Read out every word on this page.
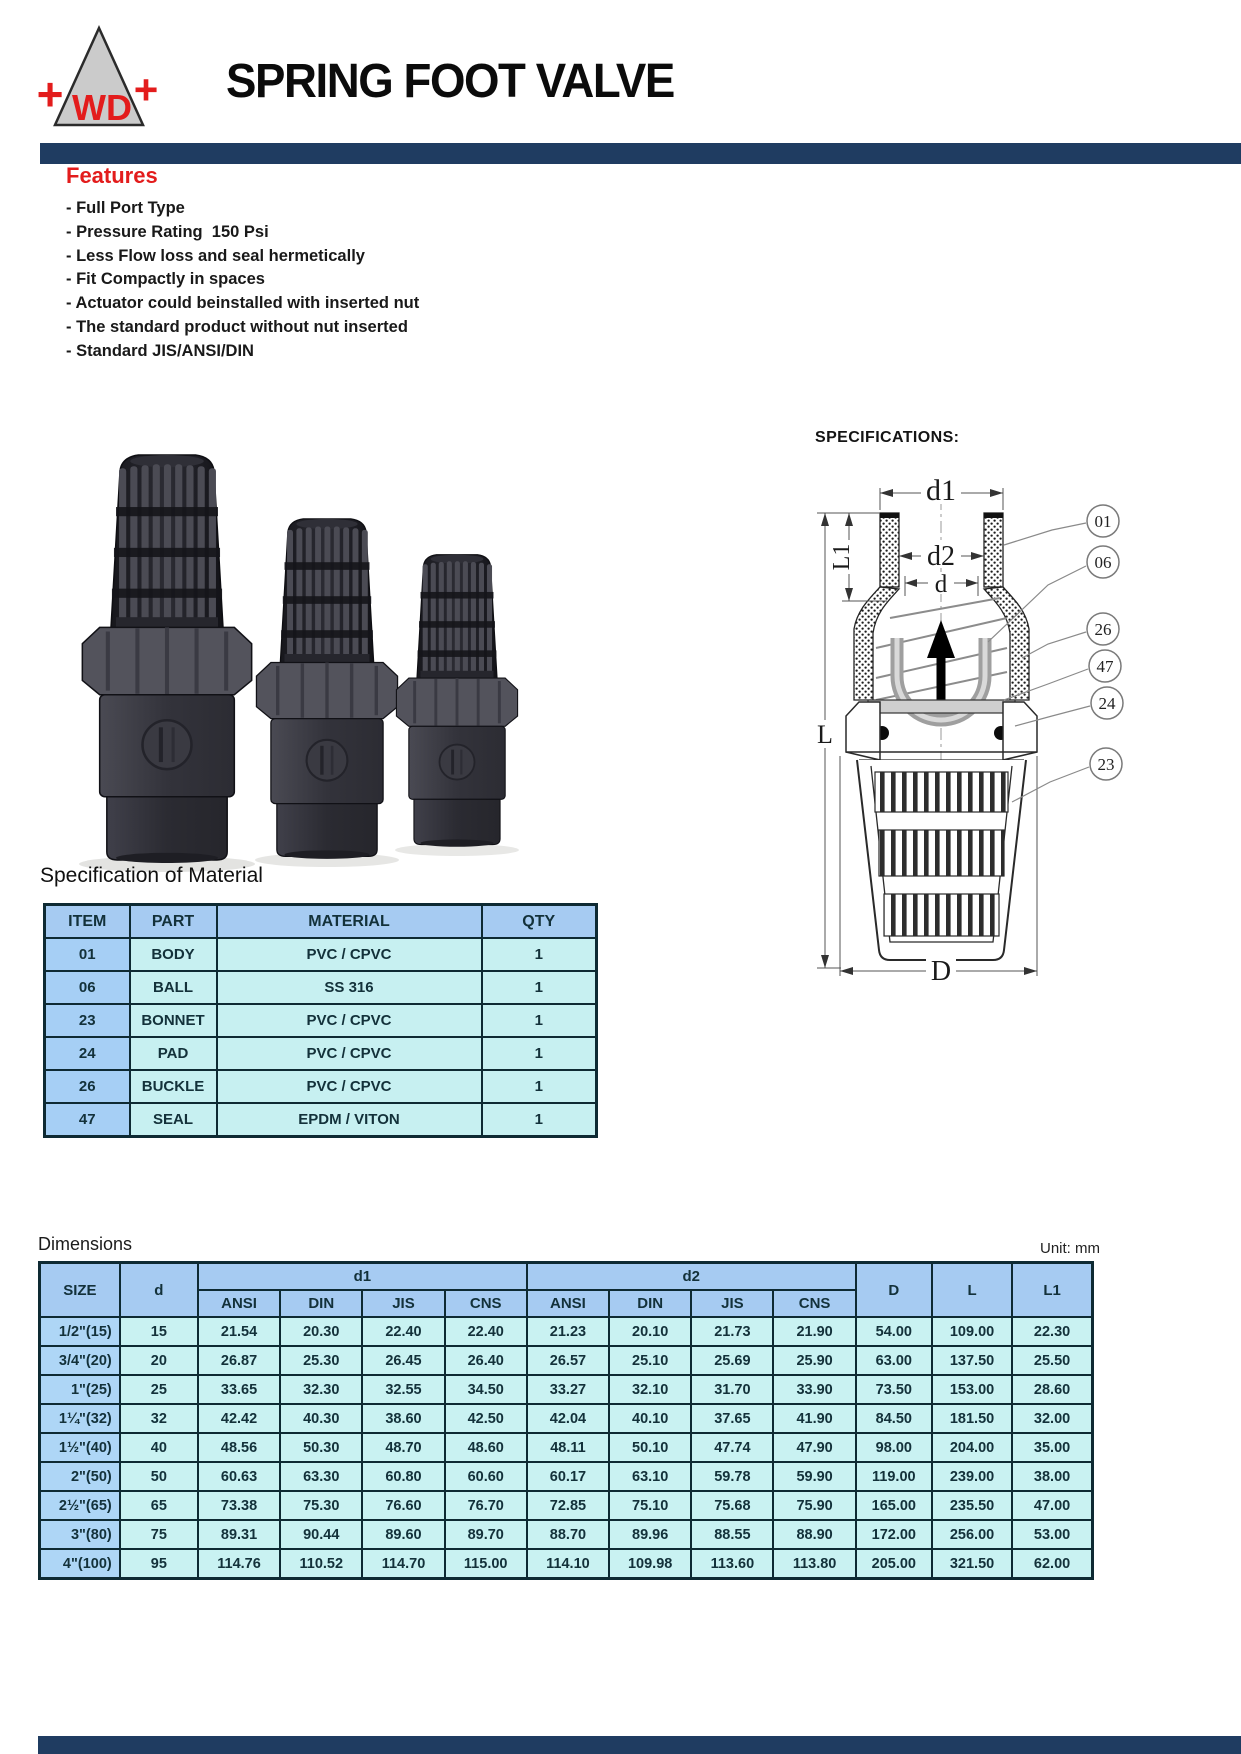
+ WD + SPRING FOOT VALVE
Features
- Full Port Type
- Pressure Rating  150 Psi
- Less Flow loss and seal hermetically
- Fit Compactly in spaces
- Actuator could beinstalled with inserted nut
- The standard product without nut inserted
- Standard JIS/ANSI/DIN
SPECIFICATIONS:
d1
d2
d
L1
L
D
01
06
26
47
24
23
Specification of Material
ITEM	PART	MATERIAL	QTY
01	BODY	PVC / CPVC	1
06	BALL	SS 316	1
23	BONNET	PVC / CPVC	1
24	PAD	PVC / CPVC	1
26	BUCKLE	PVC / CPVC	1
47	SEAL	EPDM / VITON	1
Dimensions	Unit: mm
SIZE	d	d1				d2				D	L	L1
		ANSI	DIN	JIS	CNS	ANSI	DIN	JIS	CNS			
1/2"(15)	15	21.54	20.30	22.40	22.40	21.23	20.10	21.73	21.90	54.00	109.00	22.30
3/4"(20)	20	26.87	25.30	26.45	26.40	26.57	25.10	25.69	25.90	63.00	137.50	25.50
1"(25)	25	33.65	32.30	32.55	34.50	33.27	32.10	31.70	33.90	73.50	153.00	28.60
1¼"(32)	32	42.42	40.30	38.60	42.50	42.04	40.10	37.65	41.90	84.50	181.50	32.00
1½"(40)	40	48.56	50.30	48.70	48.60	48.11	50.10	47.74	47.90	98.00	204.00	35.00
2"(50)	50	60.63	63.30	60.80	60.60	60.17	63.10	59.78	59.90	119.00	239.00	38.00
2½"(65)	65	73.38	75.30	76.60	76.70	72.85	75.10	75.68	75.90	165.00	235.50	47.00
3"(80)	75	89.31	90.44	89.60	89.70	88.70	89.96	88.55	88.90	172.00	256.00	53.00
4"(100)	95	114.76	110.52	114.70	115.00	114.10	109.98	113.60	113.80	205.00	321.50	62.00
